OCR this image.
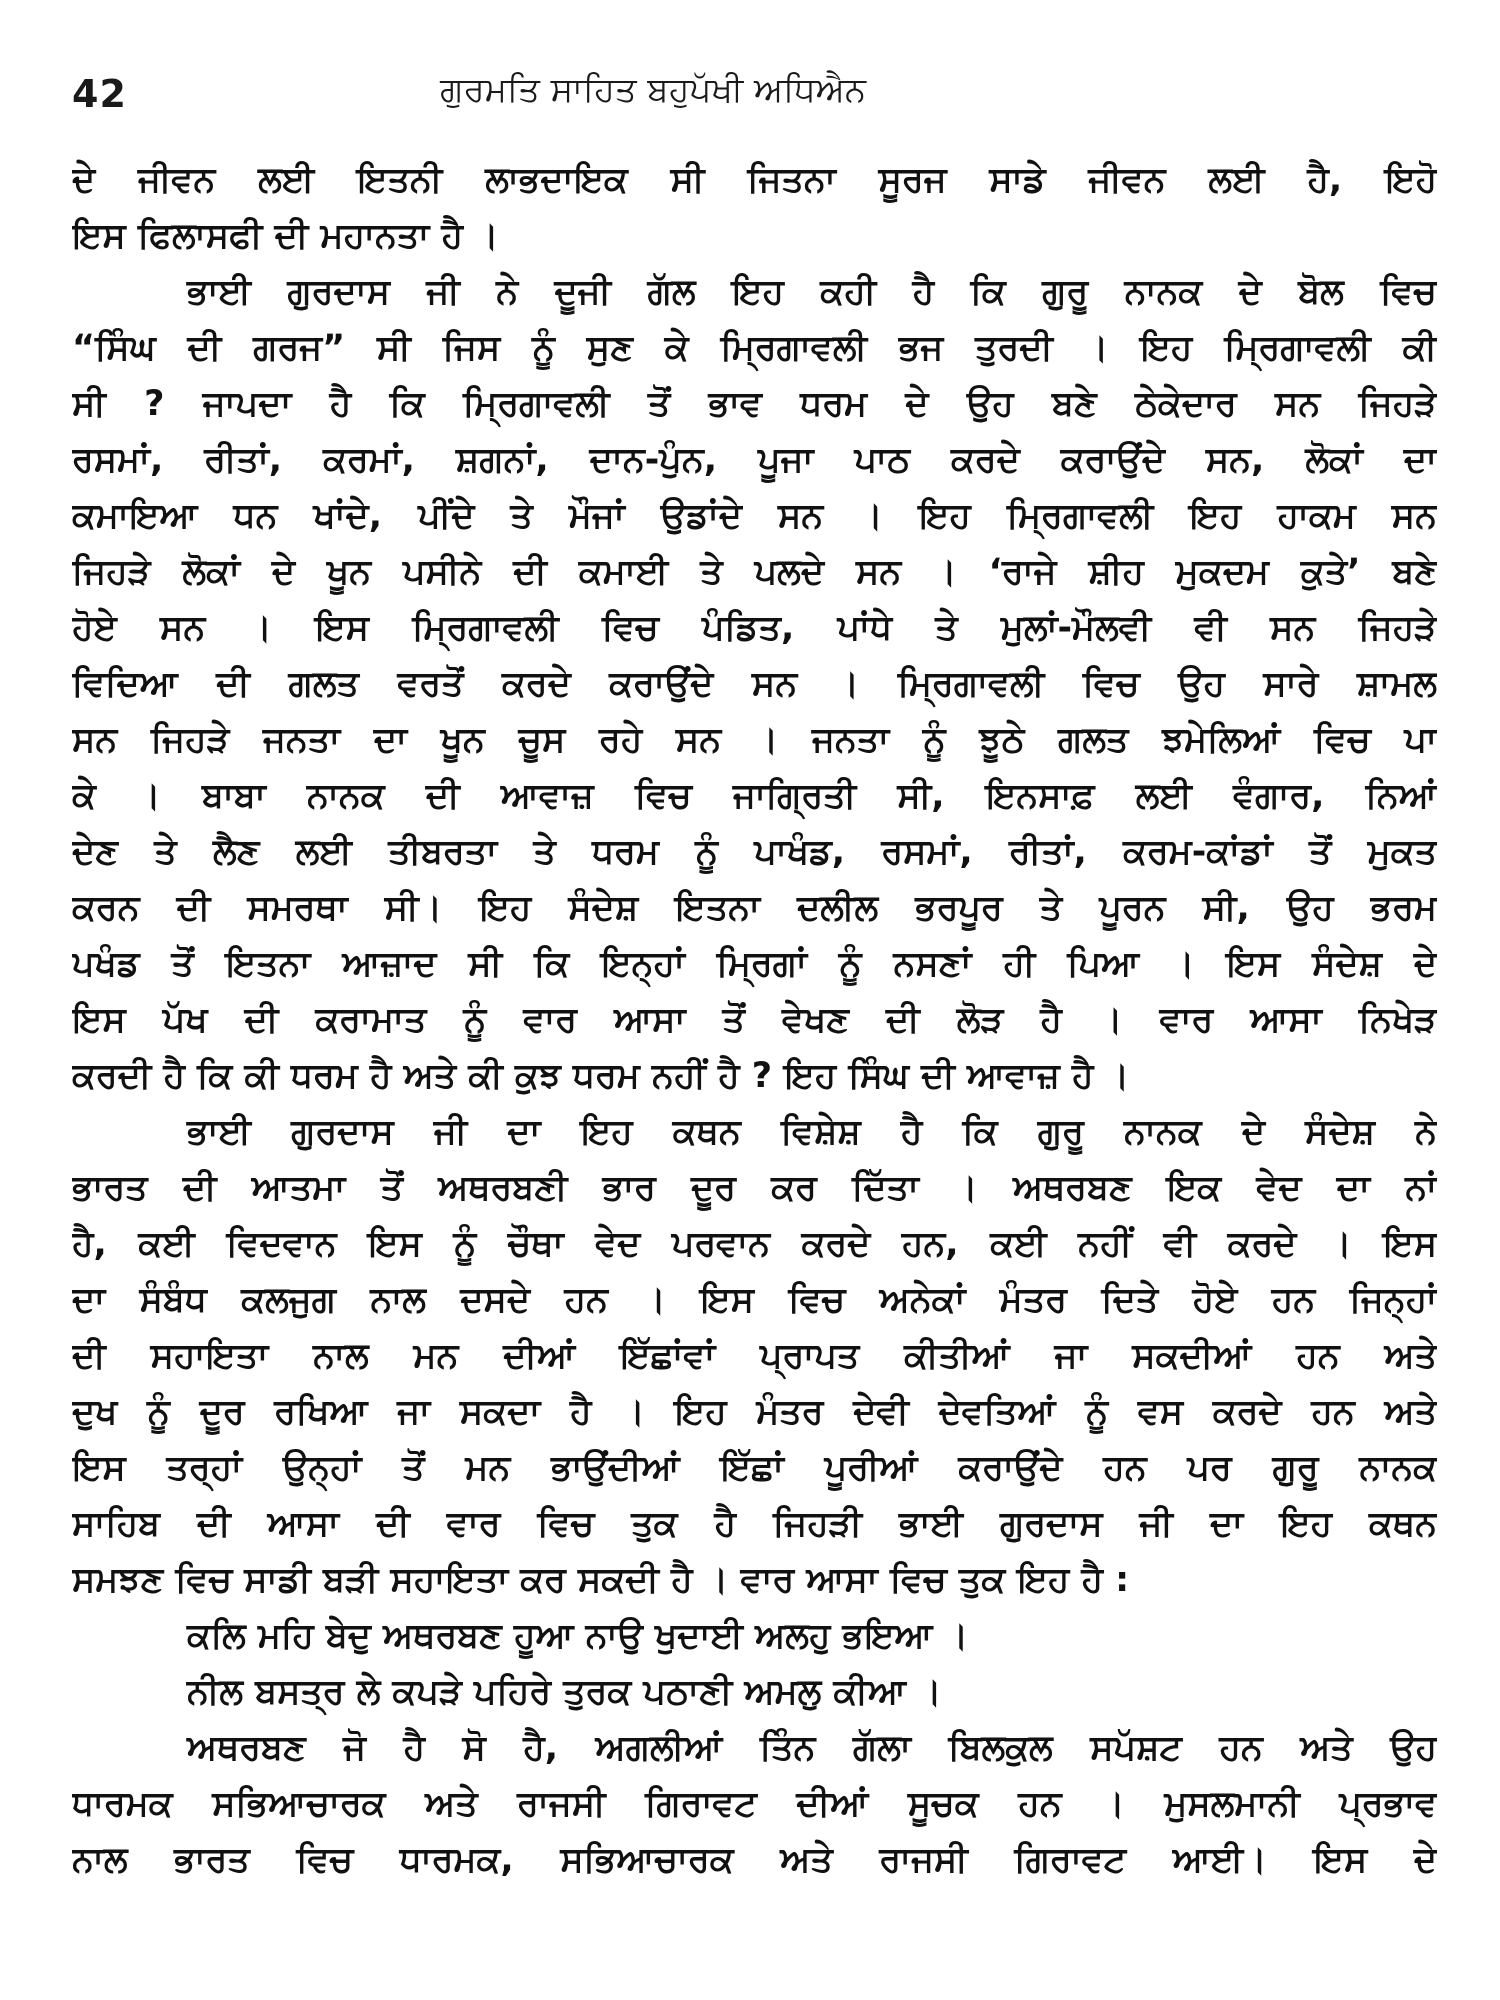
42	ਗੁਰਮਤਿ ਸਾਹਿਤ ਬਹੁਪੱਖੀ ਅਧਿਐਨ
ਦੇ ਜੀਵਨ ਲਈ ਇਤਨੀ ਲਾਭਦਾਇਕ ਸੀ ਜਿਤਨਾ ਸੂਰਜ ਸਾਡੇ ਜੀਵਨ ਲਈ ਹੈ, ਇਹੋ
ਇਸ ਫਿਲਾਸਫੀ ਦੀ ਮਹਾਨਤਾ ਹੈ ।
ਭਾਈ ਗੁਰਦਾਸ ਜੀ ਨੇ ਦੂਜੀ ਗੱਲ ਇਹ ਕਹੀ ਹੈ ਕਿ ਗੁਰੂ ਨਾਨਕ ਦੇ ਬੋਲ ਵਿਚ
“ਸਿੰਘ ਦੀ ਗਰਜ” ਸੀ ਜਿਸ ਨੂੰ ਸੁਣ ਕੇ ਮ੍ਰਿਗਾਵਲੀ ਭਜ ਤੁਰਦੀ । ਇਹ ਮ੍ਰਿਗਾਵਲੀ ਕੀ
ਸੀ ? ਜਾਪਦਾ ਹੈ ਕਿ ਮ੍ਰਿਗਾਵਲੀ ਤੋਂ ਭਾਵ ਧਰਮ ਦੇ ਉਹ ਬਣੇ ਠੇਕੇਦਾਰ ਸਨ ਜਿਹੜੇ
ਰਸਮਾਂ, ਰੀਤਾਂ, ਕਰਮਾਂ, ਸ਼ਗਨਾਂ, ਦਾਨ-ਪੁੰਨ, ਪੂਜਾ ਪਾਠ ਕਰਦੇ ਕਰਾਉਂਦੇ ਸਨ, ਲੋਕਾਂ ਦਾ
ਕਮਾਇਆ ਧਨ ਖਾਂਦੇ, ਪੀਂਦੇ ਤੇ ਮੌਜਾਂ ਉਡਾਂਦੇ ਸਨ । ਇਹ ਮ੍ਰਿਗਾਵਲੀ ਇਹ ਹਾਕਮ ਸਨ
ਜਿਹੜੇ ਲੋਕਾਂ ਦੇ ਖੂਨ ਪਸੀਨੇ ਦੀ ਕਮਾਈ ਤੇ ਪਲਦੇ ਸਨ । ‘ਰਾਜੇ ਸ਼ੀਹ ਮੁਕਦਮ ਕੁਤੇ’ ਬਣੇ
ਹੋਏ ਸਨ । ਇਸ ਮ੍ਰਿਗਾਵਲੀ ਵਿਚ ਪੰਡਿਤ, ਪਾਂਧੇ ਤੇ ਮੁਲਾਂ-ਮੌਲਵੀ ਵੀ ਸਨ ਜਿਹੜੇ
ਵਿਦਿਆ ਦੀ ਗਲਤ ਵਰਤੋਂ ਕਰਦੇ ਕਰਾਉਂਦੇ ਸਨ । ਮ੍ਰਿਗਾਵਲੀ ਵਿਚ ਉਹ ਸਾਰੇ ਸ਼ਾਮਲ
ਸਨ ਜਿਹੜੇ ਜਨਤਾ ਦਾ ਖੂਨ ਚੂਸ ਰਹੇ ਸਨ । ਜਨਤਾ ਨੂੰ ਝੂਠੇ ਗਲਤ ਝਮੇਲਿਆਂ ਵਿਚ ਪਾ
ਕੇ । ਬਾਬਾ ਨਾਨਕ ਦੀ ਆਵਾਜ਼ ਵਿਚ ਜਾਗ੍ਰਿਤੀ ਸੀ, ਇਨਸਾਫ਼ ਲਈ ਵੰਗਾਰ, ਨਿਆਂ
ਦੇਣ ਤੇ ਲੈਣ ਲਈ ਤੀਬਰਤਾ ਤੇ ਧਰਮ ਨੂੰ ਪਾਖੰਡ, ਰਸਮਾਂ, ਰੀਤਾਂ, ਕਰਮ-ਕਾਂਡਾਂ ਤੋਂ ਮੁਕਤ
ਕਰਨ ਦੀ ਸਮਰਥਾ ਸੀ। ਇਹ ਸੰਦੇਸ਼ ਇਤਨਾ ਦਲੀਲ ਭਰਪੂਰ ਤੇ ਪੂਰਨ ਸੀ, ਉਹ ਭਰਮ
ਪਖੰਡ ਤੋਂ ਇਤਨਾ ਆਜ਼ਾਦ ਸੀ ਕਿ ਇਨ੍ਹਾਂ ਮ੍ਰਿਗਾਂ ਨੂੰ ਨਸਣਾਂ ਹੀ ਪਿਆ । ਇਸ ਸੰਦੇਸ਼ ਦੇ
ਇਸ ਪੱਖ ਦੀ ਕਰਾਮਾਤ ਨੂੰ ਵਾਰ ਆਸਾ ਤੋਂ ਵੇਖਣ ਦੀ ਲੋੜ ਹੈ । ਵਾਰ ਆਸਾ ਨਿਖੇੜ
ਕਰਦੀ ਹੈ ਕਿ ਕੀ ਧਰਮ ਹੈ ਅਤੇ ਕੀ ਕੁਝ ਧਰਮ ਨਹੀਂ ਹੈ ? ਇਹ ਸਿੰਘ ਦੀ ਆਵਾਜ਼ ਹੈ ।
ਭਾਈ ਗੁਰਦਾਸ ਜੀ ਦਾ ਇਹ ਕਥਨ ਵਿਸ਼ੇਸ਼ ਹੈ ਕਿ ਗੁਰੂ ਨਾਨਕ ਦੇ ਸੰਦੇਸ਼ ਨੇ
ਭਾਰਤ ਦੀ ਆਤਮਾ ਤੋਂ ਅਥਰਬਣੀ ਭਾਰ ਦੂਰ ਕਰ ਦਿੱਤਾ । ਅਥਰਬਣ ਇਕ ਵੇਦ ਦਾ ਨਾਂ
ਹੈ, ਕਈ ਵਿਦਵਾਨ ਇਸ ਨੂੰ ਚੌਥਾ ਵੇਦ ਪਰਵਾਨ ਕਰਦੇ ਹਨ, ਕਈ ਨਹੀਂ ਵੀ ਕਰਦੇ । ਇਸ
ਦਾ ਸੰਬੰਧ ਕਲਜੁਗ ਨਾਲ ਦਸਦੇ ਹਨ । ਇਸ ਵਿਚ ਅਨੇਕਾਂ ਮੰਤਰ ਦਿਤੇ ਹੋਏ ਹਨ ਜਿਨ੍ਹਾਂ
ਦੀ ਸਹਾਇਤਾ ਨਾਲ ਮਨ ਦੀਆਂ ਇੱਛਾਂਵਾਂ ਪ੍ਰਾਪਤ ਕੀਤੀਆਂ ਜਾ ਸਕਦੀਆਂ ਹਨ ਅਤੇ
ਦੁਖ ਨੂੰ ਦੂਰ ਰਖਿਆ ਜਾ ਸਕਦਾ ਹੈ । ਇਹ ਮੰਤਰ ਦੇਵੀ ਦੇਵਤਿਆਂ ਨੂੰ ਵਸ ਕਰਦੇ ਹਨ ਅਤੇ
ਇਸ ਤਰ੍ਹਾਂ ਉਨ੍ਹਾਂ ਤੋਂ ਮਨ ਭਾਉਂਦੀਆਂ ਇੱਛਾਂ ਪੂਰੀਆਂ ਕਰਾਉਂਦੇ ਹਨ ਪਰ ਗੁਰੂ ਨਾਨਕ
ਸਾਹਿਬ ਦੀ ਆਸਾ ਦੀ ਵਾਰ ਵਿਚ ਤੁਕ ਹੈ ਜਿਹੜੀ ਭਾਈ ਗੁਰਦਾਸ ਜੀ ਦਾ ਇਹ ਕਥਨ
ਸਮਝਣ ਵਿਚ ਸਾਡੀ ਬੜੀ ਸਹਾਇਤਾ ਕਰ ਸਕਦੀ ਹੈ । ਵਾਰ ਆਸਾ ਵਿਚ ਤੁਕ ਇਹ ਹੈ :
ਕਲਿ ਮਹਿ ਬੇਦੁ ਅਥਰਬਣ ਹੂਆ ਨਾਉ ਖੁਦਾਈ ਅਲਹੁ ਭਇਆ ।
ਨੀਲ ਬਸਤ੍ਰ ਲੇ ਕਪੜੇ ਪਹਿਰੇ ਤੁਰਕ ਪਠਾਣੀ ਅਮਲੁ ਕੀਆ ।
ਅਥਰਬਣ ਜੋ ਹੈ ਸੋ ਹੈ, ਅਗਲੀਆਂ ਤਿੰਨ ਗੱਲਾ ਬਿਲਕੁਲ ਸਪੱਸ਼ਟ ਹਨ ਅਤੇ ਉਹ
ਧਾਰਮਕ ਸਭਿਆਚਾਰਕ ਅਤੇ ਰਾਜਸੀ ਗਿਰਾਵਟ ਦੀਆਂ ਸੂਚਕ ਹਨ । ਮੁਸਲਮਾਨੀ ਪ੍ਰਭਾਵ
ਨਾਲ ਭਾਰਤ ਵਿਚ ਧਾਰਮਕ, ਸਭਿਆਚਾਰਕ ਅਤੇ ਰਾਜਸੀ ਗਿਰਾਵਟ ਆਈ। ਇਸ ਦੇ
